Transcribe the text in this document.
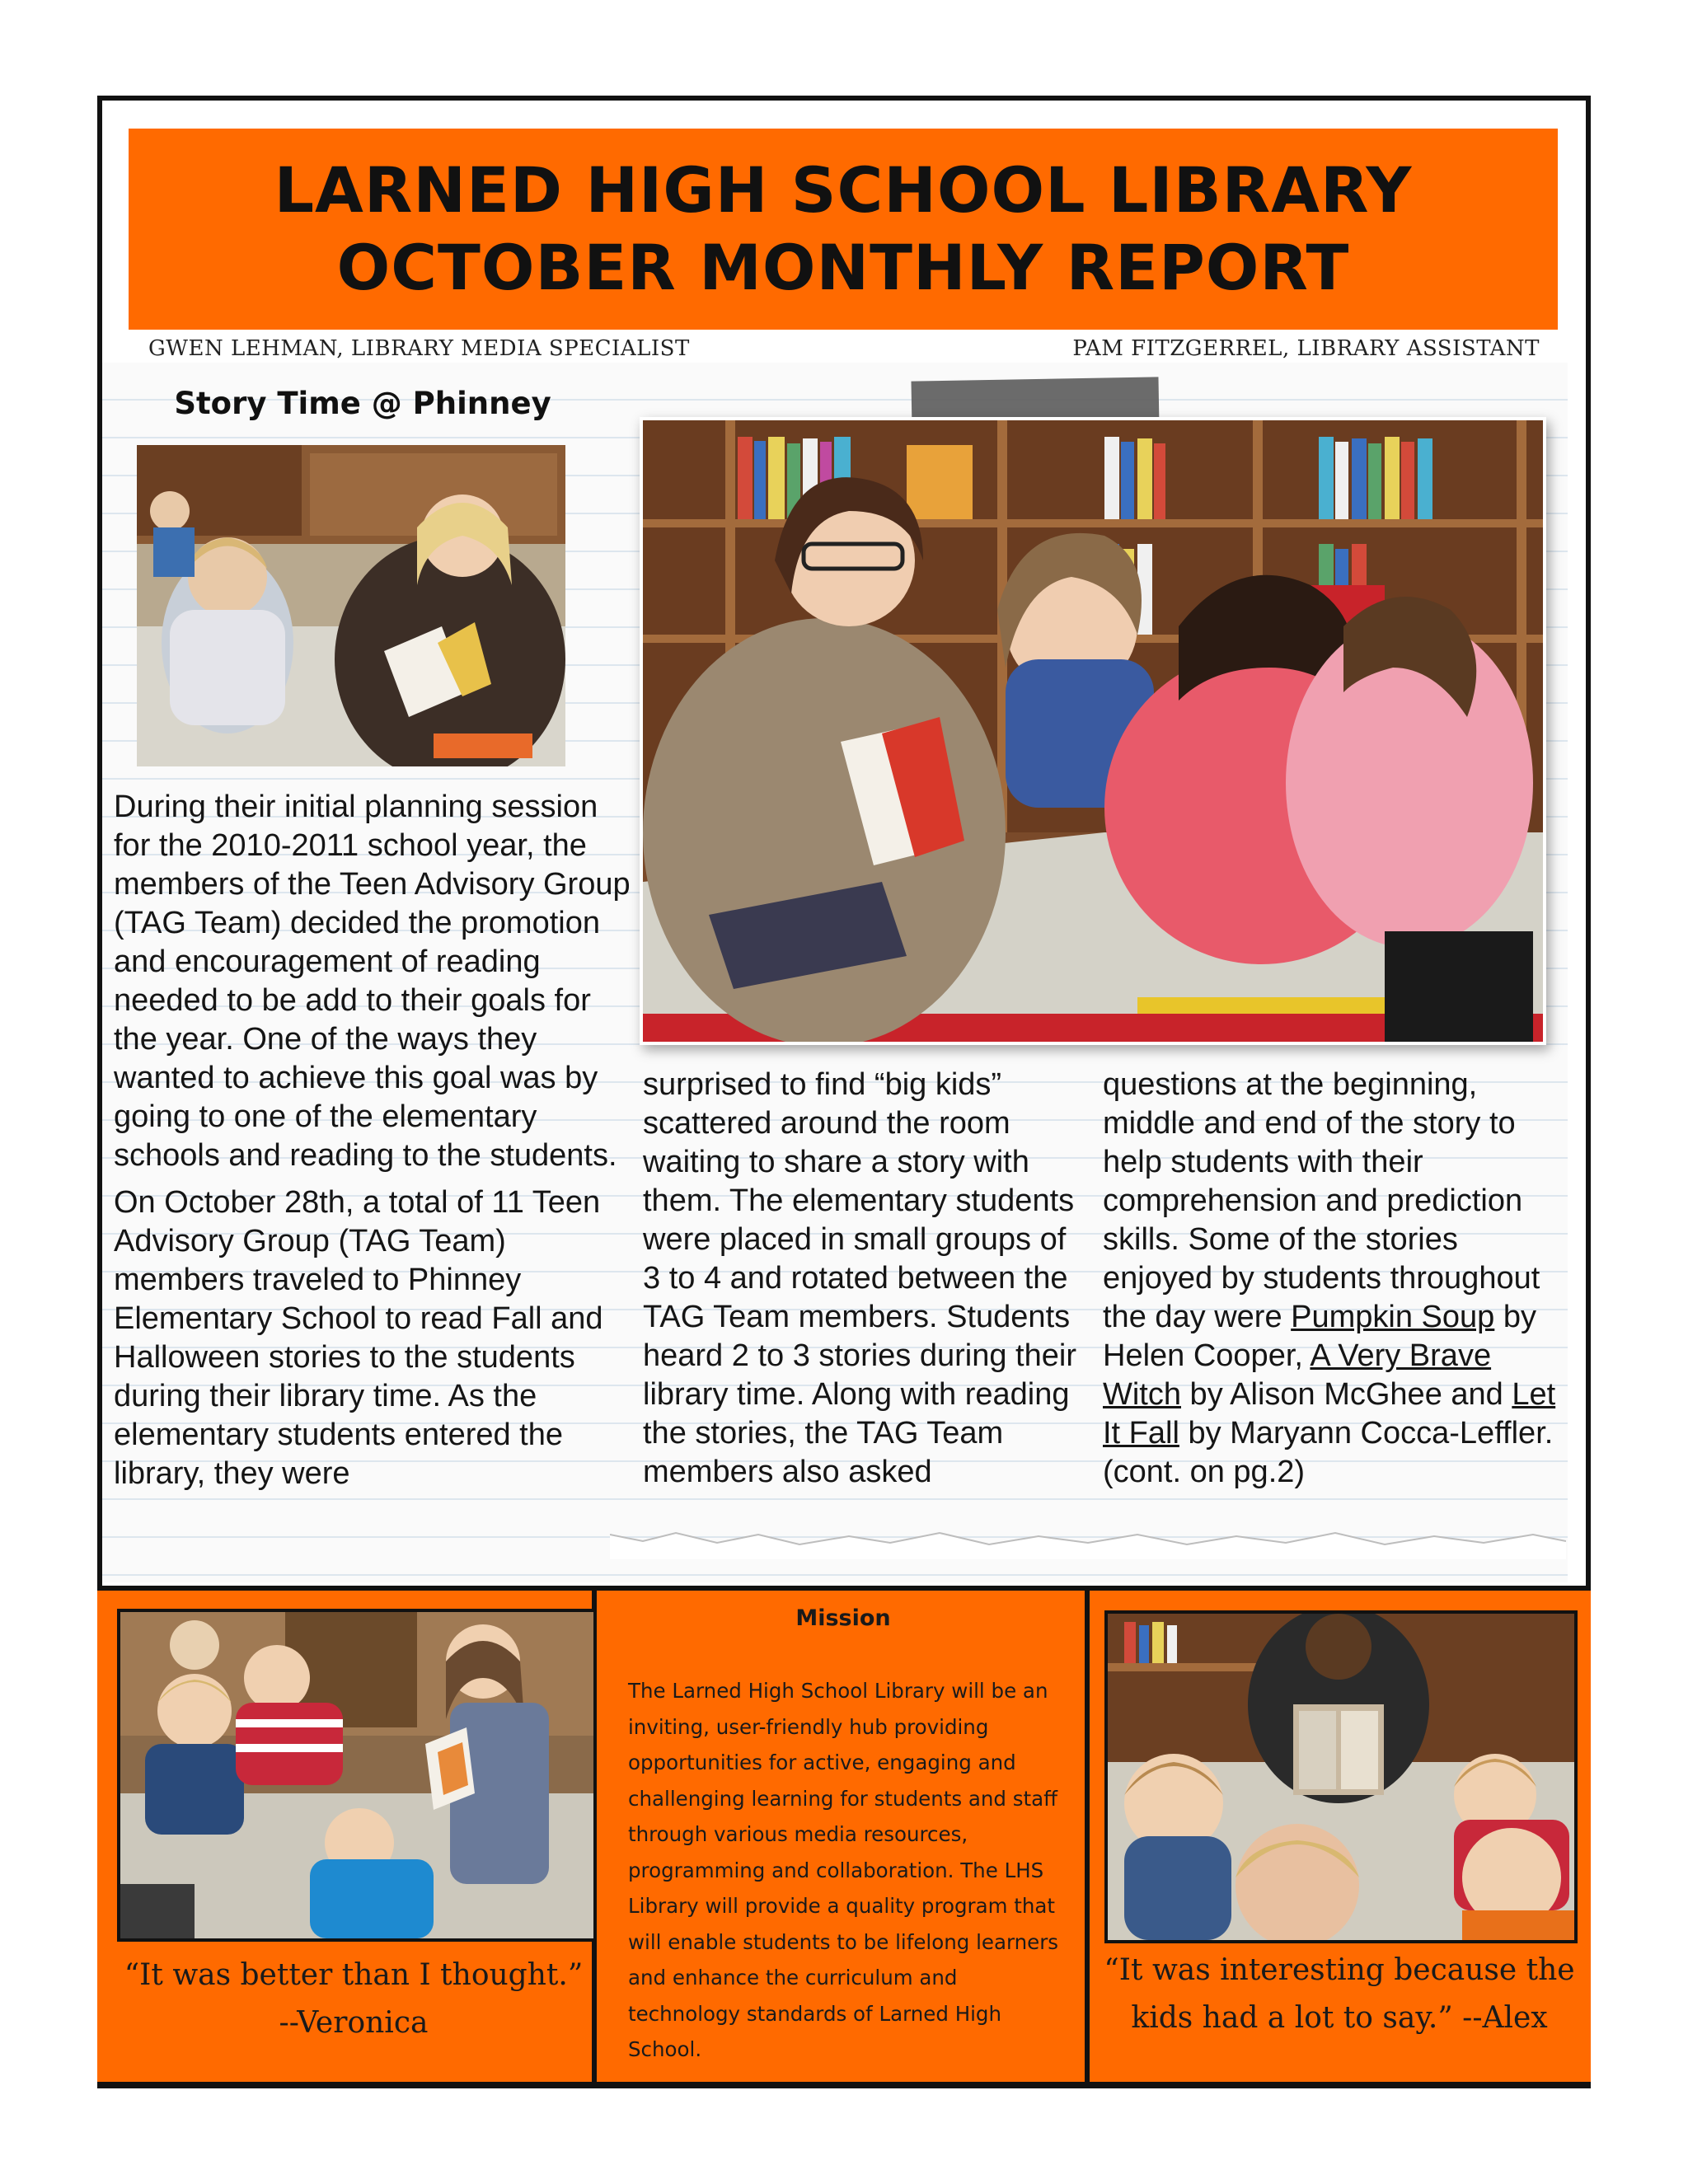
LARNED HIGH SCHOOL LIBRARY
OCTOBER MONTHLY REPORT
GWEN LEHMAN, LIBRARY MEDIA SPECIALIST	PAM FITZGERREL, LIBRARY ASSISTANT
Story Time @ Phinney

During their initial planning session for the 2010-2011 school year, the members of the Teen Advisory Group (TAG Team) decided the promotion and encouragement of reading needed to be add to their goals for the year. One of the ways they wanted to achieve this goal was by going to one of the elementary schools and reading to the students.

On October 28th, a total of 11 Teen Advisory Group (TAG Team) members traveled to Phinney Elementary School to read Fall and Halloween stories to the students during their library time. As the elementary students entered the library, they were

surprised to find “big kids” scattered around the room waiting to share a story with them. The elementary students were placed in small groups of 3 to 4 and rotated between the TAG Team members. Students heard 2 to 3 stories during their library time. Along with reading the stories, the TAG Team members also asked

questions at the beginning, middle and end of the story to help students with their comprehension and prediction skills. Some of the stories enjoyed by students throughout the day were Pumpkin Soup by Helen Cooper, A Very Brave Witch by Alison McGhee and Let It Fall by Maryann Cocca-Leffler. (cont. on pg.2)

“It was better than I thought.” --Veronica
“It was interesting because the kids had a lot to say.” --Alex
Mission
The Larned High School Library will be an inviting, user-friendly hub providing opportunities for active, engaging and challenging learning for students and staff through various media resources, programming and collaboration. The LHS Library will provide a quality program that will enable students to be lifelong learners and enhance the curriculum and technology standards of Larned High School.
